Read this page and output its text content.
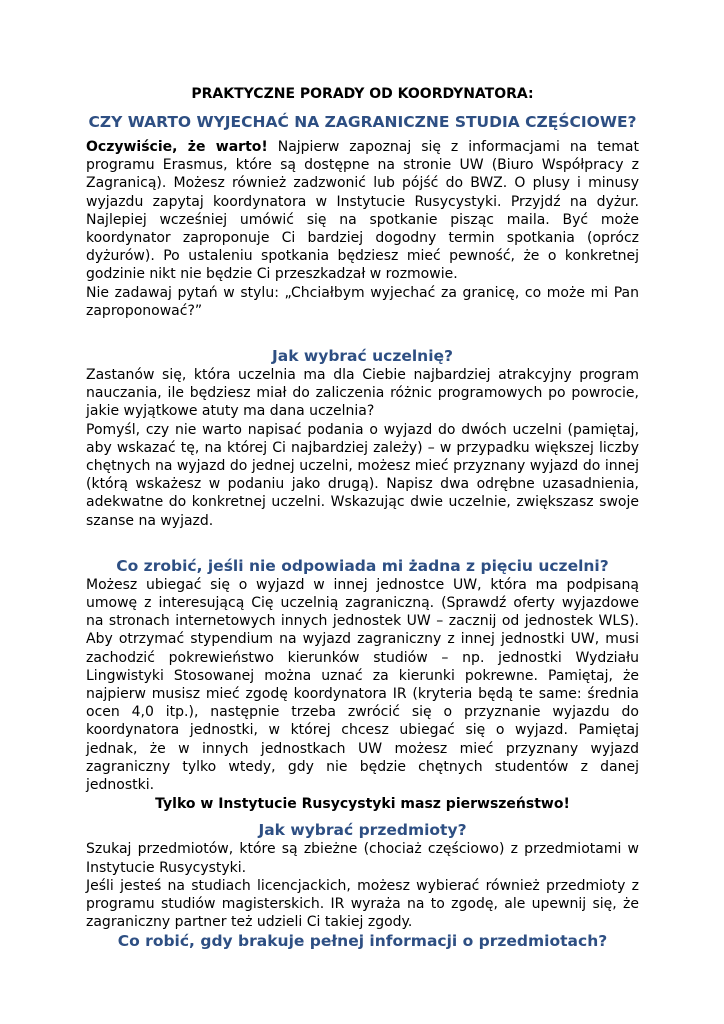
PRAKTYCZNE PORADY OD KOORDYNATORA:
CZY WARTO WYJECHAĆ NA ZAGRANICZNE STUDIA CZĘŚCIOWE?

Oczywiście, że warto! Najpierw zapoznaj się z informacjami na temat programu Erasmus, które są dostępne na stronie UW (Biuro Współpracy z Zagranicą). Możesz również zadzwonić lub pójść do BWZ. O plusy i minusy wyjazdu zapytaj koordynatora w Instytucie Rusycystyki. Przyjdź na dyżur. Najlepiej wcześniej umówić się na spotkanie pisząc maila. Być może koordynator zaproponuje Ci bardziej dogodny termin spotkania (oprócz dyżurów). Po ustaleniu spotkania będziesz mieć pewność, że o konkretnej godzinie nikt nie będzie Ci przeszkadzał w rozmowie.

Nie zadawaj pytań w stylu: „Chciałbym wyjechać za granicę, co może mi Pan zaproponować?”

Jak wybrać uczelnię?

Zastanów się, która uczelnia ma dla Ciebie najbardziej atrakcyjny program nauczania, ile będziesz miał do zaliczenia różnic programowych po powrocie, jakie wyjątkowe atuty ma dana uczelnia?

Pomyśl, czy nie warto napisać podania o wyjazd do dwóch uczelni (pamiętaj, aby wskazać tę, na której Ci najbardziej zależy) – w przypadku większej liczby chętnych na wyjazd do jednej uczelni, możesz mieć przyznany wyjazd do innej (którą wskażesz w podaniu jako drugą). Napisz dwa odrębne uzasadnienia, adekwatne do konkretnej uczelni. Wskazując dwie uczelnie, zwiększasz swoje szanse na wyjazd.

Co zrobić, jeśli nie odpowiada mi żadna z pięciu uczelni?

Możesz ubiegać się o wyjazd w innej jednostce UW, która ma podpisaną umowę z interesującą Cię uczelnią zagraniczną. (Sprawdź oferty wyjazdowe na stronach internetowych innych jednostek UW – zacznij od jednostek WLS). Aby otrzymać stypendium na wyjazd zagraniczny z innej jednostki UW, musi zachodzić pokrewieństwo kierunków studiów – np. jednostki Wydziału Lingwistyki Stosowanej można uznać za kierunki pokrewne. Pamiętaj, że najpierw musisz mieć zgodę koordynatora IR (kryteria będą te same: średnia ocen 4,0 itp.), następnie trzeba zwrócić się o przyznanie wyjazdu do koordynatora jednostki, w której chcesz ubiegać się o wyjazd. Pamiętaj jednak, że w innych jednostkach UW możesz mieć przyznany wyjazd zagraniczny tylko wtedy, gdy nie będzie chętnych studentów z danej jednostki.

Tylko w Instytucie Rusycystyki masz pierwszeństwo!
Jak wybrać przedmioty?

Szukaj przedmiotów, które są zbieżne (chociaż częściowo) z przedmiotami w Instytucie Rusycystyki.

Jeśli jesteś na studiach licencjackich, możesz wybierać również przedmioty z programu studiów magisterskich. IR wyraża na to zgodę, ale upewnij się, że zagraniczny partner też udzieli Ci takiej zgody.

Co robić, gdy brakuje pełnej informacji o przedmiotach?
